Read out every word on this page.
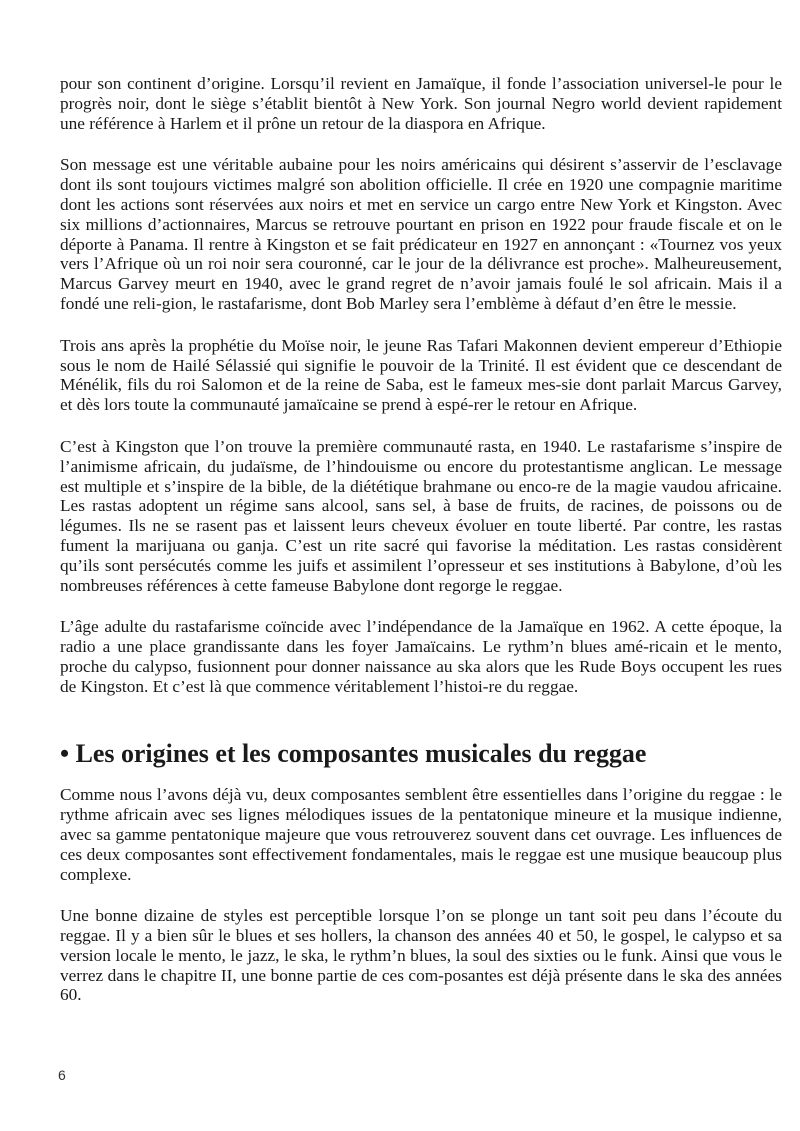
pour son continent d’origine. Lorsqu’il revient en Jamaïque, il fonde l’association universel-le pour le progrès noir, dont le siège s’établit bientôt à New York. Son journal Negro world devient rapidement une référence à Harlem et il prône un retour de la diaspora en Afrique.

Son message est une véritable aubaine pour les noirs américains qui désirent s’asservir de l’esclavage dont ils sont toujours victimes malgré son abolition officielle. Il crée en 1920 une compagnie maritime dont les actions sont réservées aux noirs et met en service un cargo entre New York et Kingston. Avec six millions d’actionnaires, Marcus se retrouve pourtant en prison en 1922 pour fraude fiscale et on le déporte à Panama. Il rentre à Kingston et se fait prédicateur en 1927 en annonçant : «Tournez vos yeux vers l’Afrique où un roi noir sera couronné, car le jour de la délivrance est proche». Malheureusement, Marcus Garvey meurt en 1940, avec le grand regret de n’avoir jamais foulé le sol africain. Mais il a fondé une reli-gion, le rastafarisme, dont Bob Marley sera l’emblème à défaut d’en être le messie.

Trois ans après la prophétie du Moïse noir, le jeune Ras Tafari Makonnen devient empereur d’Ethiopie sous le nom de Hailé Sélassié qui signifie le pouvoir de la Trinité. Il est évident que ce descendant de Ménélik, fils du roi Salomon et de la reine de Saba, est le fameux mes-sie dont parlait Marcus Garvey, et dès lors toute la communauté jamaïcaine se prend à espé-rer le retour en Afrique.

C’est à Kingston que l’on trouve la première communauté rasta, en 1940. Le rastafarisme s’inspire de l’animisme africain, du judaïsme, de l’hindouisme ou encore du protestantisme anglican. Le message est multiple et s’inspire de la bible, de la diététique brahmane ou enco-re de la magie vaudou africaine. Les rastas adoptent un régime sans alcool, sans sel, à base de fruits, de racines, de poissons ou de légumes. Ils ne se rasent pas et laissent leurs cheveux évoluer en toute liberté. Par contre, les rastas fument la marijuana ou ganja. C’est un rite sacré qui favorise la méditation. Les rastas considèrent qu’ils sont persécutés comme les juifs et assimilent l’opresseur et ses institutions à Babylone, d’où les nombreuses références à cette fameuse Babylone dont regorge le reggae.

L’âge adulte du rastafarisme coïncide avec l’indépendance de la Jamaïque en 1962. A cette époque, la radio a une place grandissante dans les foyer Jamaïcains. Le rythm’n blues amé-ricain et le mento, proche du calypso, fusionnent pour donner naissance au ska alors que les Rude Boys occupent les rues de Kingston. Et c’est là que commence véritablement l’histoi-re du reggae.

• Les origines et les composantes musicales du reggae

Comme nous l’avons déjà vu, deux composantes semblent être essentielles dans l’origine du reggae : le rythme africain avec ses lignes mélodiques issues de la pentatonique mineure et la musique indienne, avec sa gamme pentatonique majeure que vous retrouverez souvent dans cet ouvrage. Les influences de ces deux composantes sont effectivement fondamentales, mais le reggae est une musique beaucoup plus complexe.

Une bonne dizaine de styles est perceptible lorsque l’on se plonge un tant soit peu dans l’écoute du reggae. Il y a bien sûr le blues et ses hollers, la chanson des années 40 et 50, le gospel, le calypso et sa version locale le mento, le jazz, le ska, le rythm’n blues, la soul des sixties ou le funk. Ainsi que vous le verrez dans le chapitre II, une bonne partie de ces com-posantes est déjà présente dans le ska des années 60.

6
